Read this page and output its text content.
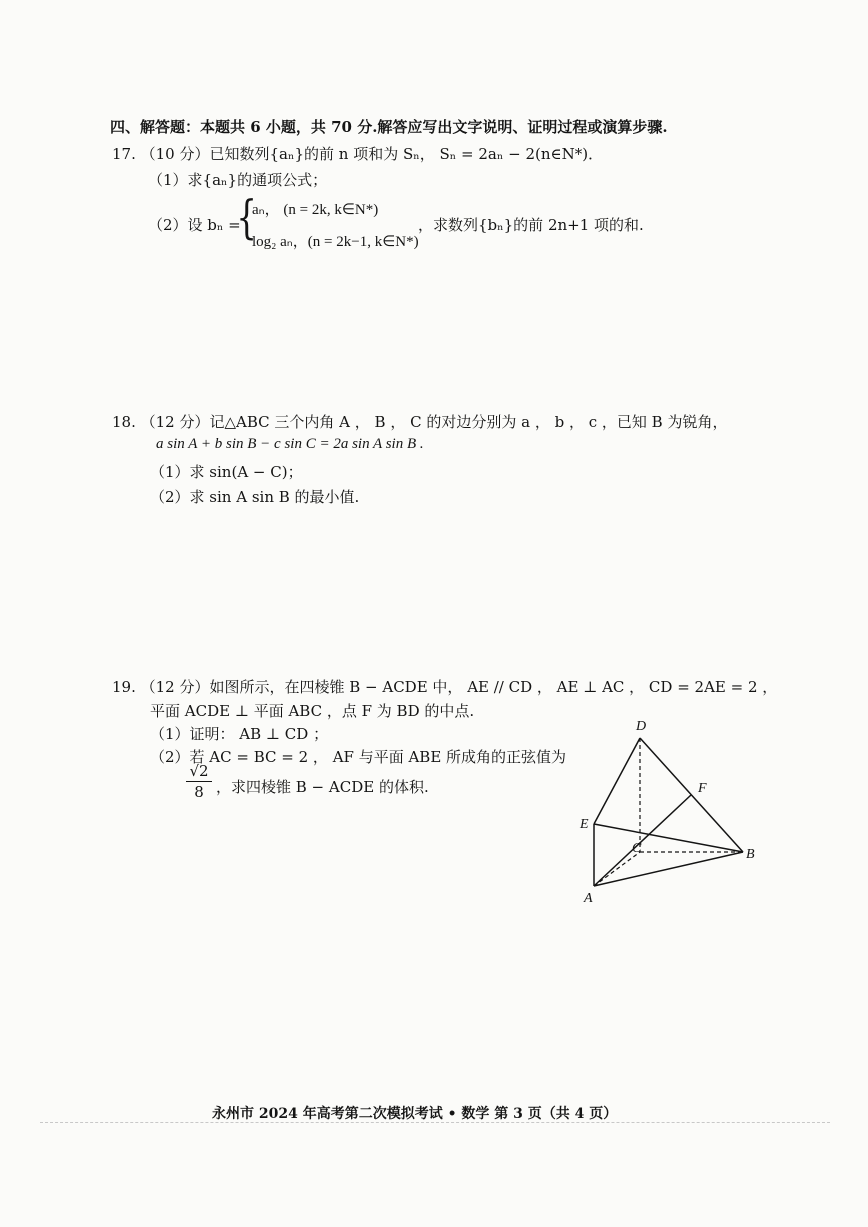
四、解答题：本题共 6 小题，共 70 分.解答应写出文字说明、证明过程或演算步骤.
17. （10 分）已知数列{aₙ}的前 n 项和为 Sₙ， Sₙ = 2aₙ − 2(n∈N*)．
（1）求{aₙ}的通项公式；
（2）设 bₙ =
{
aₙ， (n = 2k, k∈N*)
log₂ aₙ，(n = 2k−1, k∈N*)
，求数列{bₙ}的前 2n+1 项的和.
18. （12 分）记△ABC 三个内角 A ， B ， C 的对边分别为 a ， b ， c ，已知 B 为锐角，
a sin A + b sin B − c sin C = 2a sin A sin B .
（1）求 sin(A − C)；
（2）求 sin A sin B 的最小值.
19. （12 分）如图所示，在四棱锥 B − ACDE 中， AE // CD ， AE ⊥ AC ， CD = 2AE = 2 ，
平面 ACDE ⊥ 平面 ABC ，点 F 为 BD 的中点.
（1）证明： AB ⊥ CD ；
（2）若 AC = BC = 2 ， AF 与平面 ABE 所成角的正弦值为
√2
8 ，求四棱锥 B − ACDE 的体积.
D
F
E
C	B
A
永州市 2024 年高考第二次模拟考试 • 数学 第 3 页（共 4 页）
